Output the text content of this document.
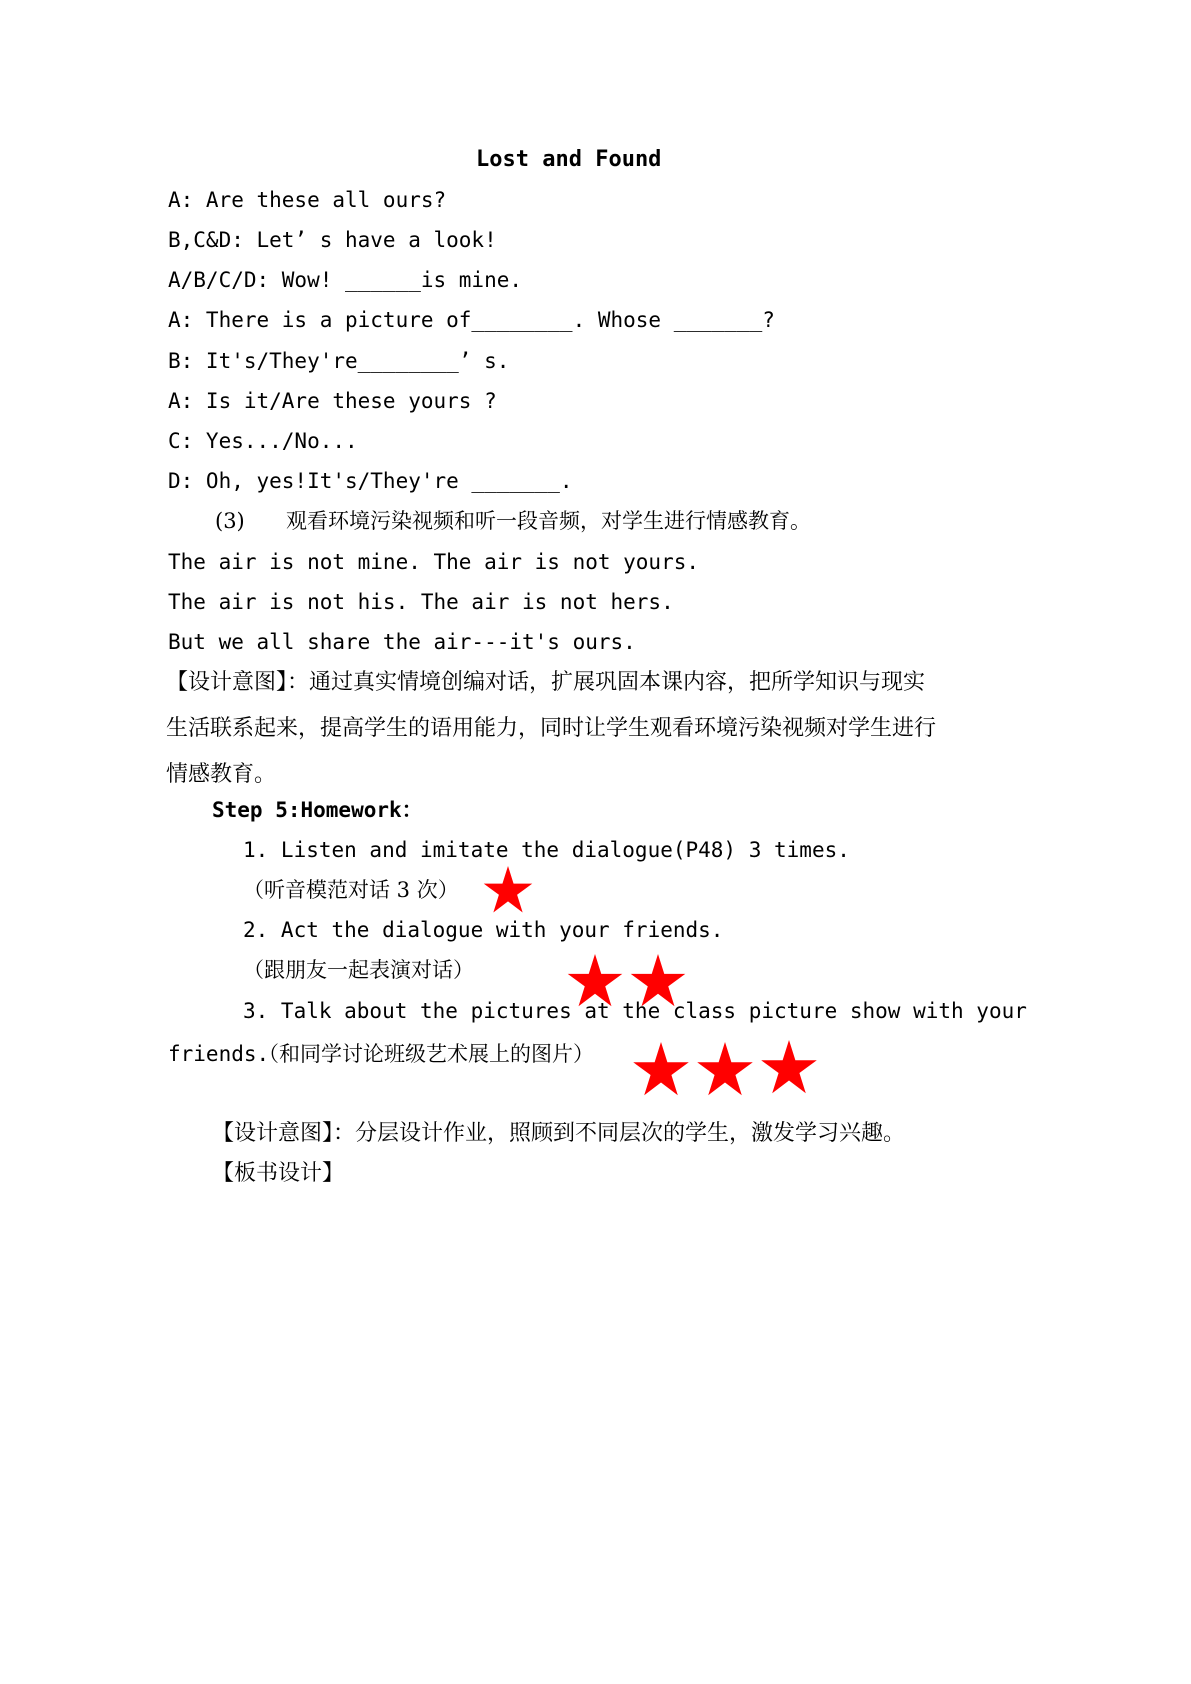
Lost and Found
A: Are these all ours?
B,C&D: Let’ s have a look!
A/B/C/D: Wow! ______is mine.
A: There is a picture of________. Whose _______?
B: It's/They're________’ s.
A: Is it/Are these yours ?
C: Yes.../No...
D: Oh, yes!It's/They're _______.
(3) 观看环境污染视频和听一段音频，对学生进行情感教育。
The air is not mine. The air is not yours.
The air is not his. The air is not hers.
But we all share the air---it's ours.
【设计意图】：通过真实情境创编对话，扩展巩固本课内容，把所学知识与现实生活联系起来，提高学生的语用能力，同时让学生观看环境污染视频对学生进行情感教育。
Step 5:Homework：
1. Listen and imitate the dialogue(P48) 3 times.
（听音模范对话 3 次）
2. Act the dialogue with your friends.
（跟朋友一起表演对话）
3. Talk about the pictures at the class picture show with your
friends.
（和同学讨论班级艺术展上的图片）
【设计意图】：分层设计作业，照顾到不同层次的学生，激发学习兴趣。
【板书设计】
